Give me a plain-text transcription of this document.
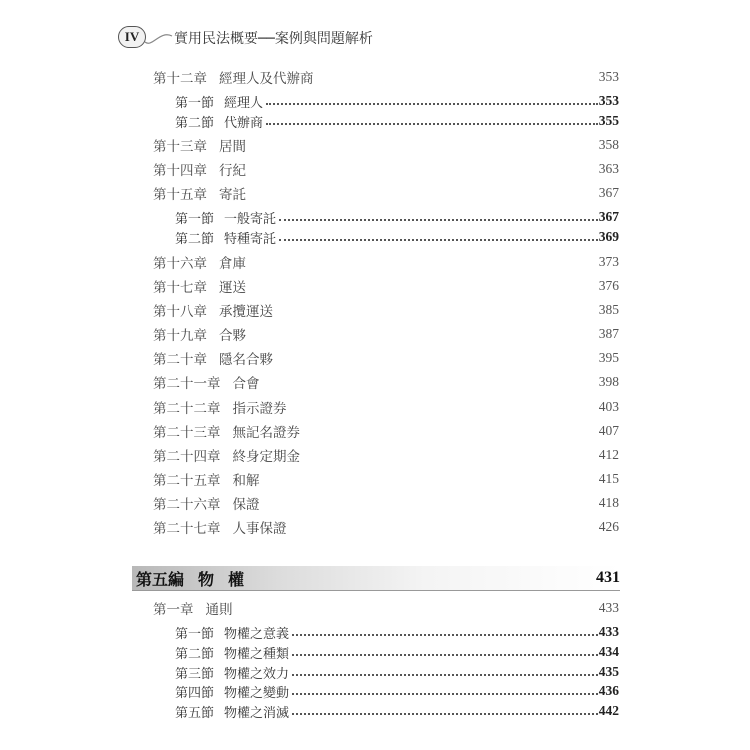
IV	實用民法概要──案例與問題解析
第十二章 經理人及代辦商	353
第一節 經理人	353
第二節 代辦商	355
第十三章 居間	358
第十四章 行紀	363
第十五章 寄託	367
第一節 一般寄託	367
第二節 特種寄託	369
第十六章 倉庫	373
第十七章 運送	376
第十八章 承攬運送	385
第十九章 合夥	387
第二十章 隱名合夥	395
第二十一章 合會	398
第二十二章 指示證券	403
第二十三章 無記名證券	407
第二十四章 終身定期金	412
第二十五章 和解	415
第二十六章 保證	418
第二十七章 人事保證	426
第五編 物權	431
第一章 通則	433
第一節 物權之意義	433
第二節 物權之種類	434
第三節 物權之效力	435
第四節 物權之變動	436
第五節 物權之消滅	442
